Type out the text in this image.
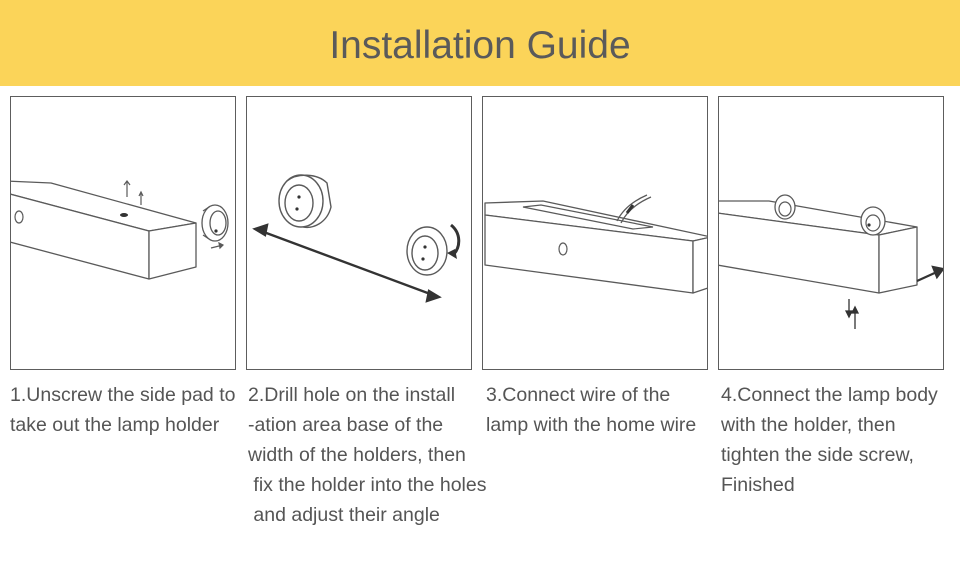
Installation Guide
1.Unscrew the side pad to
take out the lamp holder
2.Drill hole on the install
-ation area base of the
width of the holders, then
fix the holder into the holes
and adjust their angle
3.Connect wire of the
lamp with the home wire
4.Connect the lamp body
with the holder, then
tighten the side screw,
Finished
